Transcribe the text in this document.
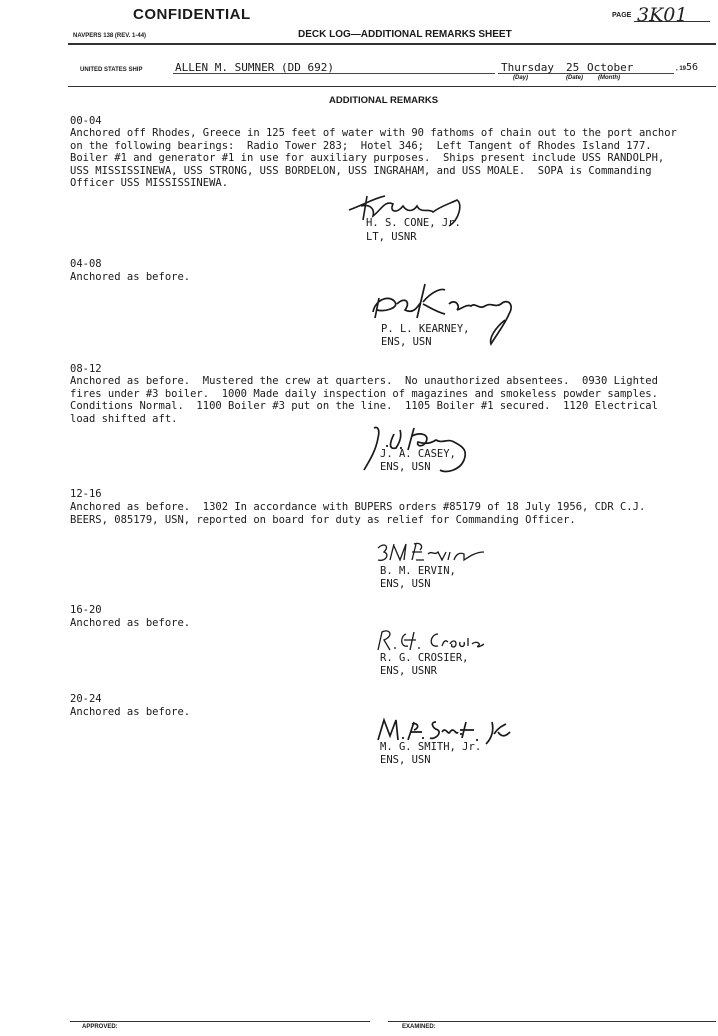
CONFIDENTIAL	PAGE 3K01
NAVPERS 138 (REV. 1-44)	DECK LOG—ADDITIONAL REMARKS SHEET
UNITED STATES SHIP	ALLEN M. SUMNER (DD 692)	Thursday 25 October
(Day)	(Date) (Month)
, 19 56
ADDITIONAL REMARKS
00-04
Anchored off Rhodes, Greece in 125 feet of water with 90 fathoms of chain out to the port anchor
on the following bearings:  Radio Tower 283;  Hotel 346;  Left Tangent of Rhodes Island 177.
Boiler #1 and generator #1 in use for auxiliary purposes.  Ships present include USS RANDOLPH,
USS MISSISSINEWA, USS STRONG, USS BORDELON, USS INGRAHAM, and USS MOALE.  SOPA is Commanding
Officer USS MISSISSINEWA.
H. S. CONE, Jr.
LT, USNR
04-08
Anchored as before.
P. L. KEARNEY,
ENS, USN
08-12
Anchored as before.  Mustered the crew at quarters.  No unauthorized absentees.  0930 Lighted
fires under #3 boiler.  1000 Made daily inspection of magazines and smokeless powder samples.
Conditions Normal.  1100 Boiler #3 put on the line.  1105 Boiler #1 secured.  1120 Electrical
load shifted aft.
J. A. CASEY,
ENS, USN
12-16
Anchored as before.  1302 In accordance with BUPERS orders #85179 of 18 July 1956, CDR C.J.
BEERS, 085179, USN, reported on board for duty as relief for Commanding Officer.
B. M. ERVIN,
ENS, USN
16-20
Anchored as before.
R. G. CROSIER,
ENS, USNR
20-24
Anchored as before.
M. G. SMITH, Jr.
ENS, USN
APPROVED:	EXAMINED:
